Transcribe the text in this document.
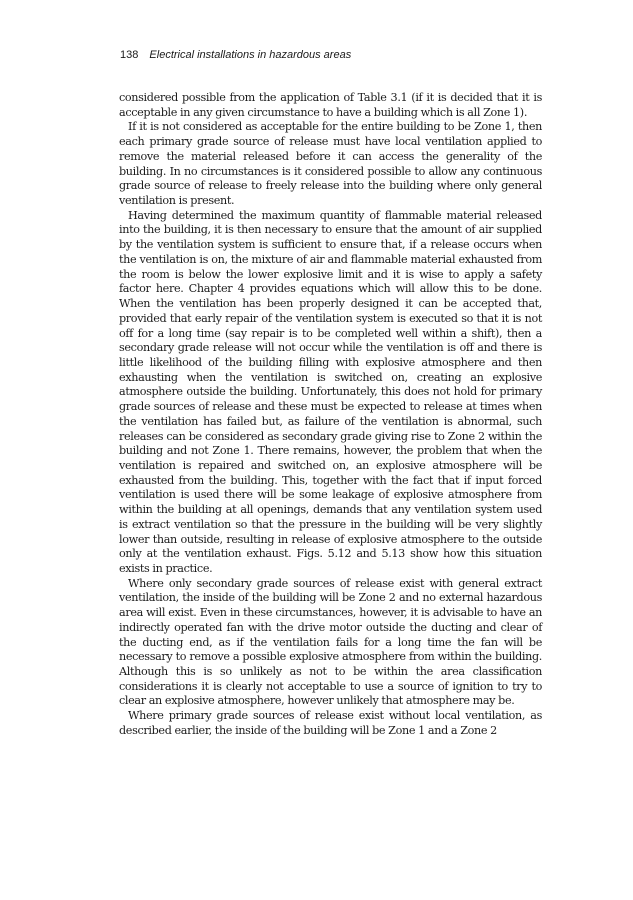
138 Electrical installations in hazardous areas

considered possible from the application of Table 3.1 (if it is decided that it is acceptable in any given circumstance to have a building which is all Zone 1).

If it is not considered as acceptable for the entire building to be Zone 1, then each primary grade source of release must have local ventilation applied to remove the material released before it can access the generality of the building. In no circumstances is it considered possible to allow any continuous grade source of release to freely release into the building where only general ventilation is present.

Having determined the maximum quantity of flammable material released into the building, it is then necessary to ensure that the amount of air supplied by the ventilation system is sufficient to ensure that, if a release occurs when the ventilation is on, the mixture of air and flammable material exhausted from the room is below the lower explosive limit and it is wise to apply a safety factor here. Chapter 4 provides equations which will allow this to be done. When the ventilation has been properly designed it can be accepted that, provided that early repair of the ventilation system is executed so that it is not off for a long time (say repair is to be completed well within a shift), then a secondary grade release will not occur while the ventilation is off and there is little likelihood of the building filling with explosive atmosphere and then exhausting when the ventilation is switched on, creating an explosive atmosphere outside the building. Unfortunately, this does not hold for primary grade sources of release and these must be expected to release at times when the ventilation has failed but, as failure of the ventilation is abnormal, such releases can be considered as secondary grade giving rise to Zone 2 within the building and not Zone 1. There remains, however, the problem that when the ventilation is repaired and switched on, an explosive atmosphere will be exhausted from the building. This, together with the fact that if input forced ventilation is used there will be some leakage of explosive atmosphere from within the building at all openings, demands that any ventilation system used is extract ventilation so that the pressure in the building will be very slightly lower than outside, resulting in release of explosive atmosphere to the outside only at the ventilation exhaust. Figs. 5.12 and 5.13 show how this situation exists in practice.

Where only secondary grade sources of release exist with general extract ventilation, the inside of the building will be Zone 2 and no external hazardous area will exist. Even in these circumstances, however, it is advisable to have an indirectly operated fan with the drive motor outside the ducting and clear of the ducting end, as if the ventilation fails for a long time the fan will be necessary to remove a possible explosive atmosphere from within the building. Although this is so unlikely as not to be within the area classification considerations it is clearly not acceptable to use a source of ignition to try to clear an explosive atmosphere, however unlikely that atmosphere may be.

Where primary grade sources of release exist without local ventilation, as described earlier, the inside of the building will be Zone 1 and a Zone 2
